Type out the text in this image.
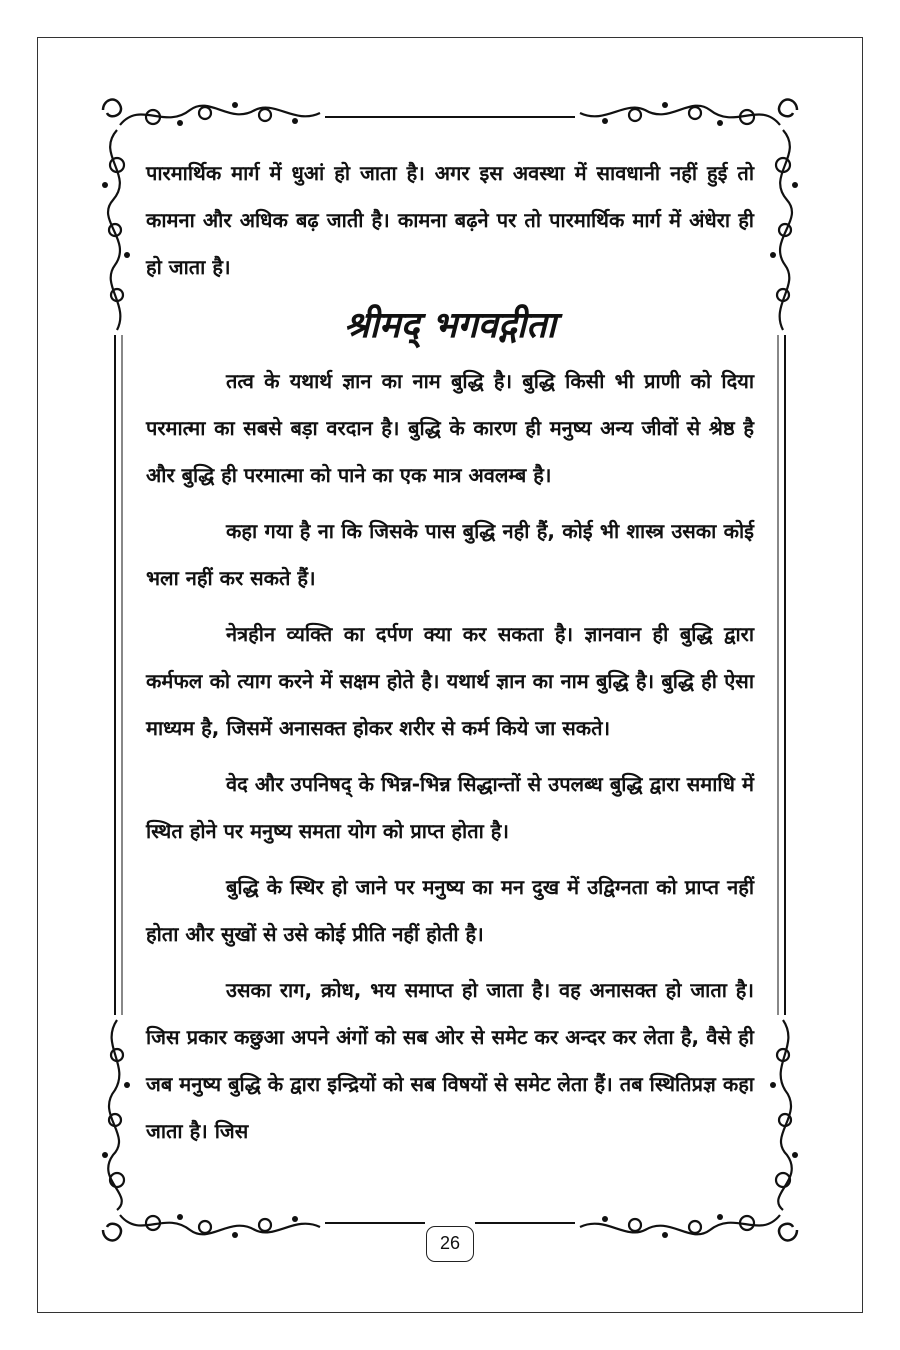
पारमार्थिक मार्ग में धुआं हो जाता है। अगर इस अवस्था में सावधानी नहीं हुई तो कामना और अधिक बढ़ जाती है। कामना बढ़ने पर तो पारमार्थिक मार्ग में अंधेरा ही हो जाता है।

श्रीमद् भगवद्गीता

तत्व के यथार्थ ज्ञान का नाम बुद्धि है। बुद्धि किसी भी प्राणी को दिया परमात्मा का सबसे बड़ा वरदान है। बुद्धि के कारण ही मनुष्य अन्य जीवों से श्रेष्ठ है और बुद्धि ही परमात्मा को पाने का एक मात्र अवलम्ब है।

कहा गया है ना कि जिसके पास बुद्धि नही हैं, कोई भी शास्त्र उसका कोई भला नहीं कर सकते हैं।

नेत्रहीन व्यक्ति का दर्पण क्या कर सकता है। ज्ञानवान ही बुद्धि द्वारा कर्मफल को त्याग करने में सक्षम होते है। यथार्थ ज्ञान का नाम बुद्धि है। बुद्धि ही ऐसा माध्यम है, जिसमें अनासक्त होकर शरीर से कर्म किये जा सकते।

वेद और उपनिषद् के भिन्न-भिन्न सिद्धान्तों से उपलब्ध बुद्धि द्वारा समाधि में स्थित होने पर मनुष्य समता योग को प्राप्त होता है।

बुद्धि के स्थिर हो जाने पर मनुष्य का मन दुख में उद्विग्नता को प्राप्त नहीं होता और सुखों से उसे कोई प्रीति नहीं होती है।

उसका राग, क्रोध, भय समाप्त हो जाता है। वह अनासक्त हो जाता है। जिस प्रकार कछुआ अपने अंगों को सब ओर से समेट कर अन्दर कर लेता है, वैसे ही जब मनुष्य बुद्धि के द्वारा इन्द्रियों को सब विषयों से समेट लेता हैं। तब स्थितिप्रज्ञ कहा जाता है। जिस

26
